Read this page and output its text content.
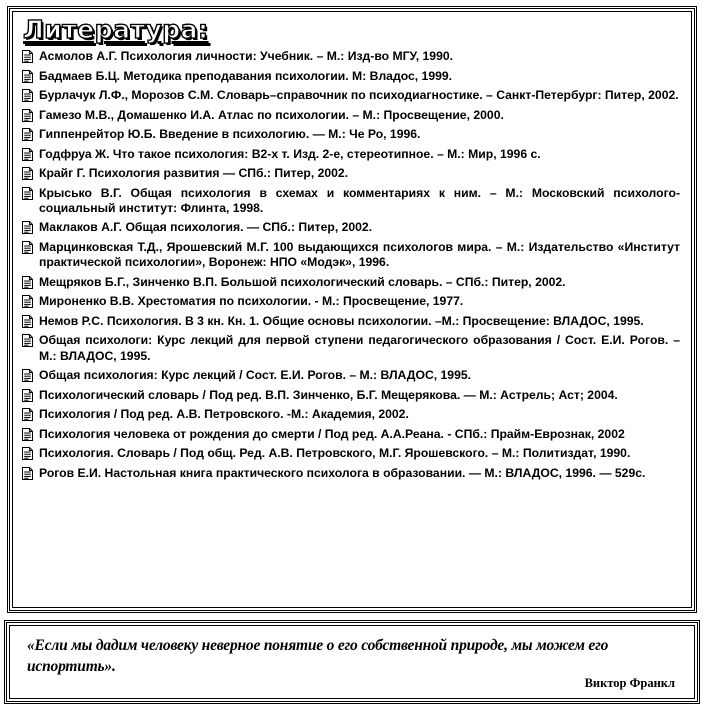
Литература:
Асмолов А.Г. Психология личности: Учебник. – М.: Изд-во МГУ, 1990.
Бадмаев Б.Ц. Методика преподавания психологии. М: Владос, 1999.
Бурлачук Л.Ф., Морозов С.М. Словарь–справочник по психодиагностике. – Санкт-Петербург: Питер, 2002.
Гамезо М.В., Домашенко И.А. Атлас по психологии. – М.: Просвещение, 2000.
Гиппенрейтор Ю.Б. Введение в психологию. — М.: Че Ро, 1996.
Годфруа Ж. Что такое психология: В2-х т. Изд. 2-е, стереотипное. – М.: Мир, 1996 с.
Крайг Г. Психология развития — СПб.: Питер, 2002.
Крысько В.Г. Общая психология в схемах и комментариях к ним. – М.: Московский психолого-социальный институт: Флинта, 1998.
Маклаков А.Г. Общая психология. — СПб.: Питер, 2002.
Марцинковская Т.Д., Ярошевский М.Г. 100 выдающихся психологов мира. – М.: Издательство «Институт практической психологии», Воронеж: НПО «Модэк», 1996.
Мещряков Б.Г., Зинченко В.П. Большой психологический словарь. – СПб.: Питер, 2002.
Мироненко В.В. Хрестоматия по психологии. - М.: Просвещение, 1977.
Немов Р.С. Психология. В 3 кн. Кн. 1. Общие основы психологии. –М.: Просвещение: ВЛАДОС, 1995.
Общая психологи: Курс лекций для первой ступени педагогического образования / Сост. Е.И. Рогов. – М.: ВЛАДОС, 1995.
Общая психология: Курс лекций / Сост. Е.И. Рогов. – М.: ВЛАДОС, 1995.
Психологический словарь / Под ред. В.П. Зинченко, Б.Г. Мещерякова. — М.: Астрель; Аст; 2004.
Психология / Под ред. А.В. Петровского. -М.: Академия, 2002.
Психология человека от рождения до смерти / Под ред. А.А.Реана. - СПб.: Прайм-Еврознак, 2002
Психология. Словарь / Под общ. Ред. А.В. Петровского, М.Г. Ярошевского. – М.: Политиздат, 1990.
Рогов Е.И. Настольная книга практического психолога в образовании. — М.: ВЛАДОС, 1996. — 529с.
«Если мы дадим человеку неверное понятие о его собственной природе, мы можем его испортить».
Виктор Франкл
